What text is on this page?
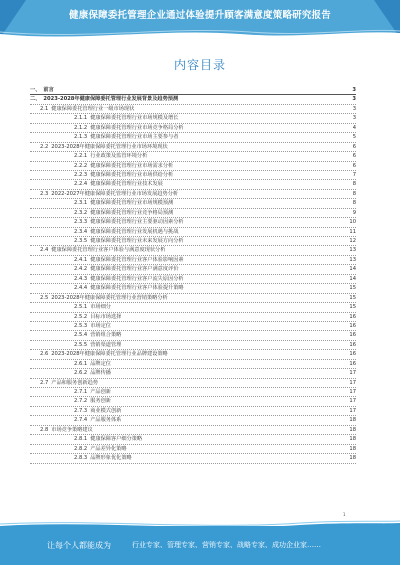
健康保障委托管理企业通过体验提升顾客满意度策略研究报告
内容目录
一、 前言	3
二、 2023-2028年健康保障委托管理行业发展背景及趋势预测	3
2.1 健康保障委托管理行业一级市场现状	3
2.1.1 健康保障委托管理行业市场规模及增长	3
2.1.2 健康保障委托管理行业市场竞争格局分析	4
2.1.3 健康保障委托管理行业市场主要参与者	5
2.2 2023-2028年健康保障委托管理行业市场环境现状	6
2.2.1 行业政策及监管环境分析	6
2.2.2 健康保障委托管理行业市场需求分析	6
2.2.3 健康保障委托管理行业市场供给分析	7
2.2.4 健康保障委托管理行业技术发展	8
2.3 2022-2027年健康保障委托管理行业市场发展趋势分析	8
2.3.1 健康保障委托管理行业市场规模预测	8
2.3.2 健康保障委托管理行业竞争格局预测	9
2.3.3 健康保障委托管理行业主要驱动因素分析	10
2.3.4 健康保障委托管理行业发展机遇与挑战	11
2.3.5 健康保障委托管理行业未来发展方向分析	12
2.4 健康保障委托管理行业客户体验与满意度现状分析	13
2.4.1 健康保障委托管理行业客户体验影响因素	13
2.4.2 健康保障委托管理行业客户满意度评价	14
2.4.3 健康保障委托管理行业客户流失原因分析	14
2.4.4 健康保障委托管理行业客户体验提升策略	15
2.5 2023-2028年健康保障委托管理行业营销策略分析	15
2.5.1 市场细分	15
2.5.2 目标市场选择	16
2.5.3 市场定位	16
2.5.4 营销组合策略	16
2.5.5 营销渠道管理	16
2.6 2023-2028年健康保障委托管理行业品牌建设策略	16
2.6.1 品牌定位	16
2.6.2 品牌传播	17
2.7 产品和服务创新趋势	17
2.7.1 产品创新	17
2.7.2 服务创新	17
2.7.3 商业模式创新	17
2.7.4 产品服务体系	18
2.8 市场竞争策略建议	18
2.8.1 健康保障客户细分策略	18
2.8.2 产品差异化策略	18
2.8.3 品牌形象优化策略	18
1
让每个人都能成为	行业专家、管理专家、营销专家、战略专家、成功企业家……
